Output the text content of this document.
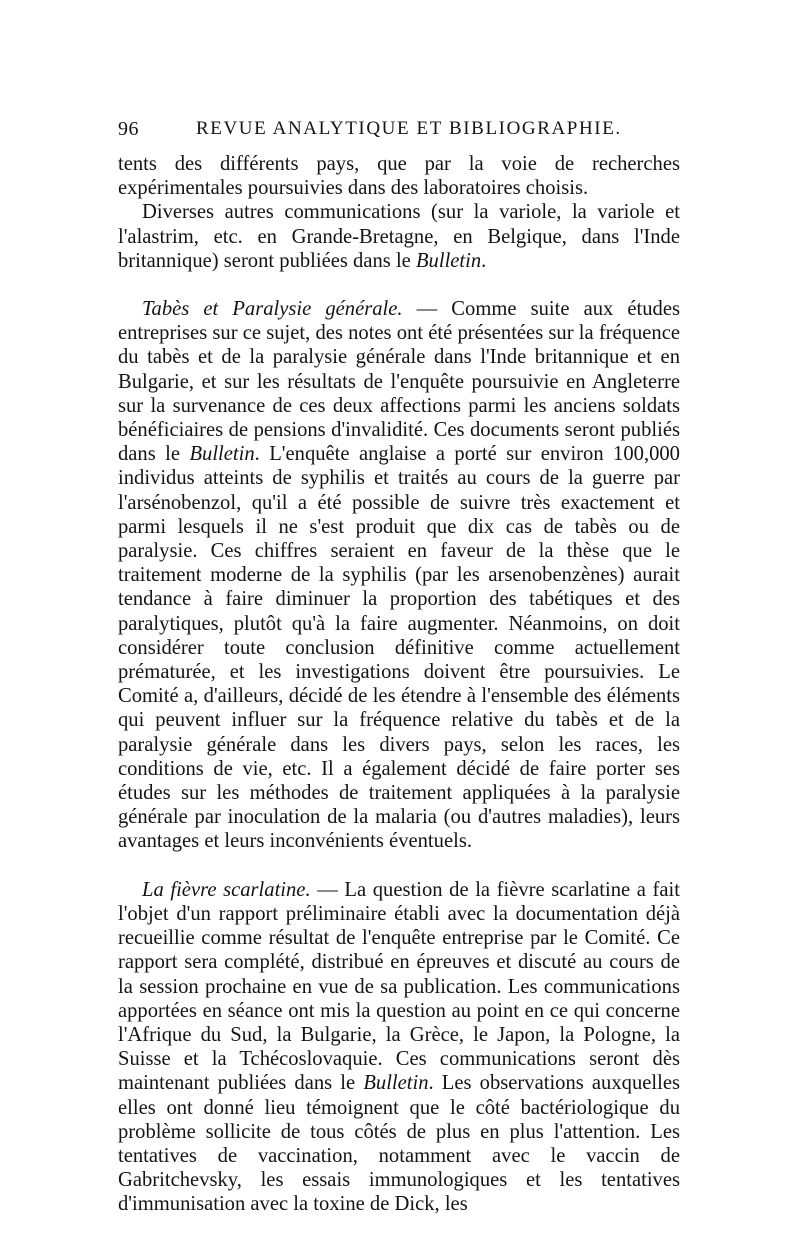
96	REVUE ANALYTIQUE ET BIBLIOGRAPHIE.

tents des différents pays, que par la voie de recherches expérimentales poursuivies dans des laboratoires choisis.

Diverses autres communications (sur la variole, la variole et l'alastrim, etc. en Grande-Bretagne, en Belgique, dans l'Inde britannique) seront publiées dans le Bulletin.

Tabès et Paralysie générale. — Comme suite aux études entreprises sur ce sujet, des notes ont été présentées sur la fréquence du tabès et de la paralysie générale dans l'Inde britannique et en Bulgarie, et sur les résultats de l'enquête poursuivie en Angleterre sur la survenance de ces deux affections parmi les anciens soldats bénéficiaires de pensions d'invalidité. Ces documents seront publiés dans le Bulletin. L'enquête anglaise a porté sur environ 100,000 individus atteints de syphilis et traités au cours de la guerre par l'arsénobenzol, qu'il a été possible de suivre très exactement et parmi lesquels il ne s'est produit que dix cas de tabès ou de paralysie. Ces chiffres seraient en faveur de la thèse que le traitement moderne de la syphilis (par les arsenobenzènes) aurait tendance à faire diminuer la proportion des tabétiques et des paralytiques, plutôt qu'à la faire augmenter. Néanmoins, on doit considérer toute conclusion définitive comme actuellement prématurée, et les investigations doivent être poursuivies. Le Comité a, d'ailleurs, décidé de les étendre à l'ensemble des éléments qui peuvent influer sur la fréquence relative du tabès et de la paralysie générale dans les divers pays, selon les races, les conditions de vie, etc. Il a également décidé de faire porter ses études sur les méthodes de traitement appliquées à la paralysie générale par inoculation de la malaria (ou d'autres maladies), leurs avantages et leurs inconvénients éventuels.

La fièvre scarlatine. — La question de la fièvre scarlatine a fait l'objet d'un rapport préliminaire établi avec la documentation déjà recueillie comme résultat de l'enquête entreprise par le Comité. Ce rapport sera complété, distribué en épreuves et discuté au cours de la session prochaine en vue de sa publication. Les communications apportées en séance ont mis la question au point en ce qui concerne l'Afrique du Sud, la Bulgarie, la Grèce, le Japon, la Pologne, la Suisse et la Tchécoslovaquie. Ces communications seront dès maintenant publiées dans le Bulletin. Les observations auxquelles elles ont donné lieu témoignent que le côté bactériologique du problème sollicite de tous côtés de plus en plus l'attention. Les tentatives de vaccination, notamment avec le vaccin de Gabritchevsky, les essais immunologiques et les tentatives d'immunisation avec la toxine de Dick, les
